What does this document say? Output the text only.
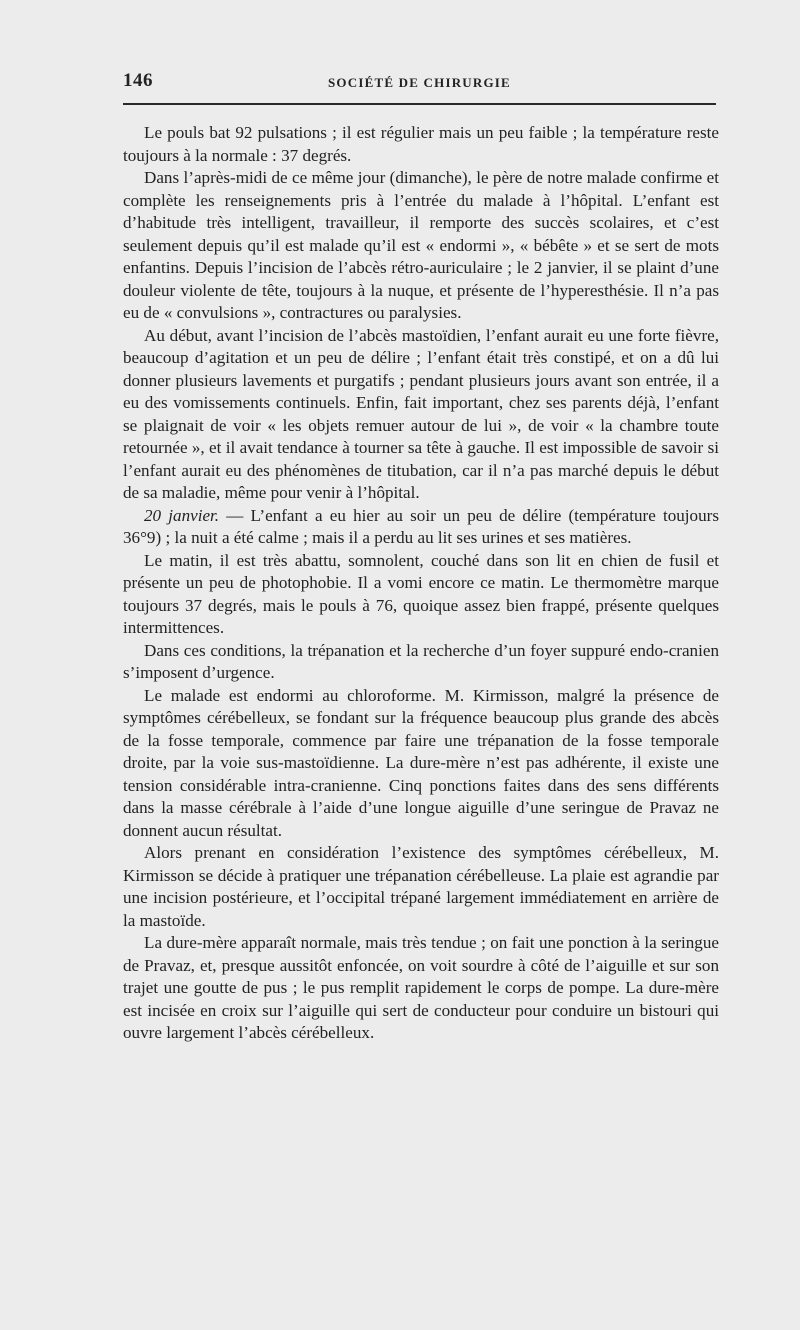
146	SOCIÉTÉ DE CHIRURGIE

Le pouls bat 92 pulsations ; il est régulier mais un peu faible ; la température reste toujours à la normale : 37 degrés.

Dans l’après-midi de ce même jour (dimanche), le père de notre malade confirme et complète les renseignements pris à l’entrée du malade à l’hôpital. L’enfant est d’habitude très intelligent, travailleur, il remporte des succès scolaires, et c’est seulement depuis qu’il est malade qu’il est « endormi », « bébête » et se sert de mots enfantins. Depuis l’incision de l’abcès rétro-auriculaire ; le 2 janvier, il se plaint d’une douleur violente de tête, toujours à la nuque, et présente de l’hyperesthésie. Il n’a pas eu de « convulsions », contractures ou paralysies.

Au début, avant l’incision de l’abcès mastoïdien, l’enfant aurait eu une forte fièvre, beaucoup d’agitation et un peu de délire ; l’enfant était très constipé, et on a dû lui donner plusieurs lavements et purgatifs ; pendant plusieurs jours avant son entrée, il a eu des vomissements continuels. Enfin, fait important, chez ses parents déjà, l’enfant se plaignait de voir « les objets remuer autour de lui », de voir « la chambre toute retournée », et il avait tendance à tourner sa tête à gauche. Il est impossible de savoir si l’enfant aurait eu des phénomènes de titubation, car il n’a pas marché depuis le début de sa maladie, même pour venir à l’hôpital.

20 janvier. — L’enfant a eu hier au soir un peu de délire (température toujours 36°9) ; la nuit a été calme ; mais il a perdu au lit ses urines et ses matières.

Le matin, il est très abattu, somnolent, couché dans son lit en chien de fusil et présente un peu de photophobie. Il a vomi encore ce matin. Le thermomètre marque toujours 37 degrés, mais le pouls à 76, quoique assez bien frappé, présente quelques intermittences.

Dans ces conditions, la trépanation et la recherche d’un foyer suppuré endo-cranien s’imposent d’urgence.

Le malade est endormi au chloroforme. M. Kirmisson, malgré la présence de symptômes cérébelleux, se fondant sur la fréquence beaucoup plus grande des abcès de la fosse temporale, commence par faire une trépanation de la fosse temporale droite, par la voie sus-mastoïdienne. La dure-mère n’est pas adhérente, il existe une tension considérable intra-cranienne. Cinq ponctions faites dans des sens différents dans la masse cérébrale à l’aide d’une longue aiguille d’une seringue de Pravaz ne donnent aucun résultat.

Alors prenant en considération l’existence des symptômes cérébelleux, M. Kirmisson se décide à pratiquer une trépanation cérébelleuse. La plaie est agrandie par une incision postérieure, et l’occipital trépané largement immédiatement en arrière de la mastoïde.

La dure-mère apparaît normale, mais très tendue ; on fait une ponction à la seringue de Pravaz, et, presque aussitôt enfoncée, on voit sourdre à côté de l’aiguille et sur son trajet une goutte de pus ; le pus remplit rapidement le corps de pompe. La dure-mère est incisée en croix sur l’aiguille qui sert de conducteur pour conduire un bistouri qui ouvre largement l’abcès cérébelleux.
